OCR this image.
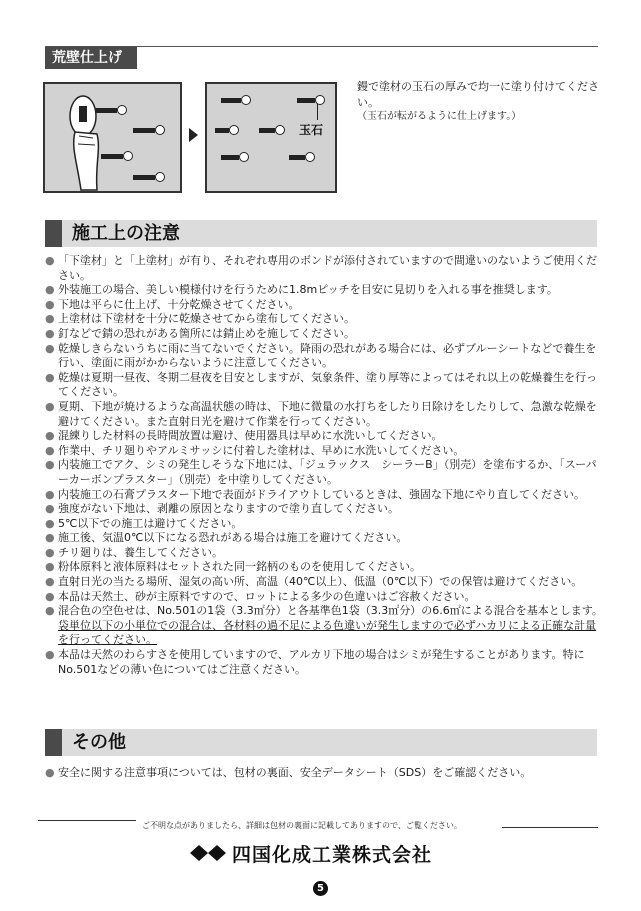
荒壁仕上げ
玉石
鏝で塗材の玉石の厚みで均一に塗り付けてください。
（玉石が転がるように仕上げます。）
施工上の注意
● 「下塗材」と「上塗材」が有り、それぞれ専用のボンドが添付されていますので間違いのないようご使用ください。
● 外装施工の場合、美しい模様付けを行うために1.8mピッチを目安に見切りを入れる事を推奨します。
● 下地は平らに仕上げ、十分乾燥させてください。
● 上塗材は下塗材を十分に乾燥させてから塗布してください。
● 釘などで錆の恐れがある箇所には錆止めを施してください。
● 乾燥しきらないうちに雨に当てないでください。降雨の恐れがある場合には、必ずブルーシートなどで養生を行い、塗面に雨がかからないように注意してください。
● 乾燥は夏期一昼夜、冬期二昼夜を目安としますが、気象条件、塗り厚等によってはそれ以上の乾燥養生を行ってください。
● 夏期、下地が焼けるような高温状態の時は、下地に微量の水打ちをしたり日除けをしたりして、急激な乾燥を避けてください。また直射日光を避けて作業を行ってください。
● 混練りした材料の長時間放置は避け、使用器具は早めに水洗いしてください。
● 作業中、チリ廻りやアルミサッシに付着した塗材は、早めに水洗いしてください。
● 内装施工でアク、シミの発生しそうな下地には、「ジュラックス　シーラーB」（別売）を塗布するか、「スーパーカーボンプラスター」（別売）を中塗りしてください。
● 内装施工の石膏プラスター下地で表面がドライアウトしているときは、強固な下地にやり直してください。
● 強度がない下地は、剥離の原因となりますので塗り直してください。
● 5℃以下での施工は避けてください。
● 施工後、気温0℃以下になる恐れがある場合は施工を避けてください。
● チリ廻りは、養生してください。
● 粉体原料と液体原料はセットされた同一銘柄のものを使用してください。
● 直射日光の当たる場所、湿気の高い所、高温（40℃以上）、低温（0℃以下）での保管は避けてください。
● 本品は天然土、砂が主原料ですので、ロットによる多少の色違いはご容赦ください。
● 混合色の空色せは、No.501の1袋（3.3㎡分）と各基準色1袋（3.3㎡分）の6.6㎡による混合を基本とします。
袋単位以下の小単位での混合は、各材料の過不足による色違いが発生しますので必ずハカリによる正確な計量を行ってください。
● 本品は天然のわらすさを使用していますので、アルカリ下地の場合はシミが発生することがあります。特にNo.501などの薄い色についてはご注意ください。
その他
● 安全に関する注意事項については、包材の裏面、安全データシート（SDS）をご確認ください。
ご不明な点がありましたら、詳細は包材の裏面に記載してありますので、ご覧ください。
四国化成工業株式会社
5
